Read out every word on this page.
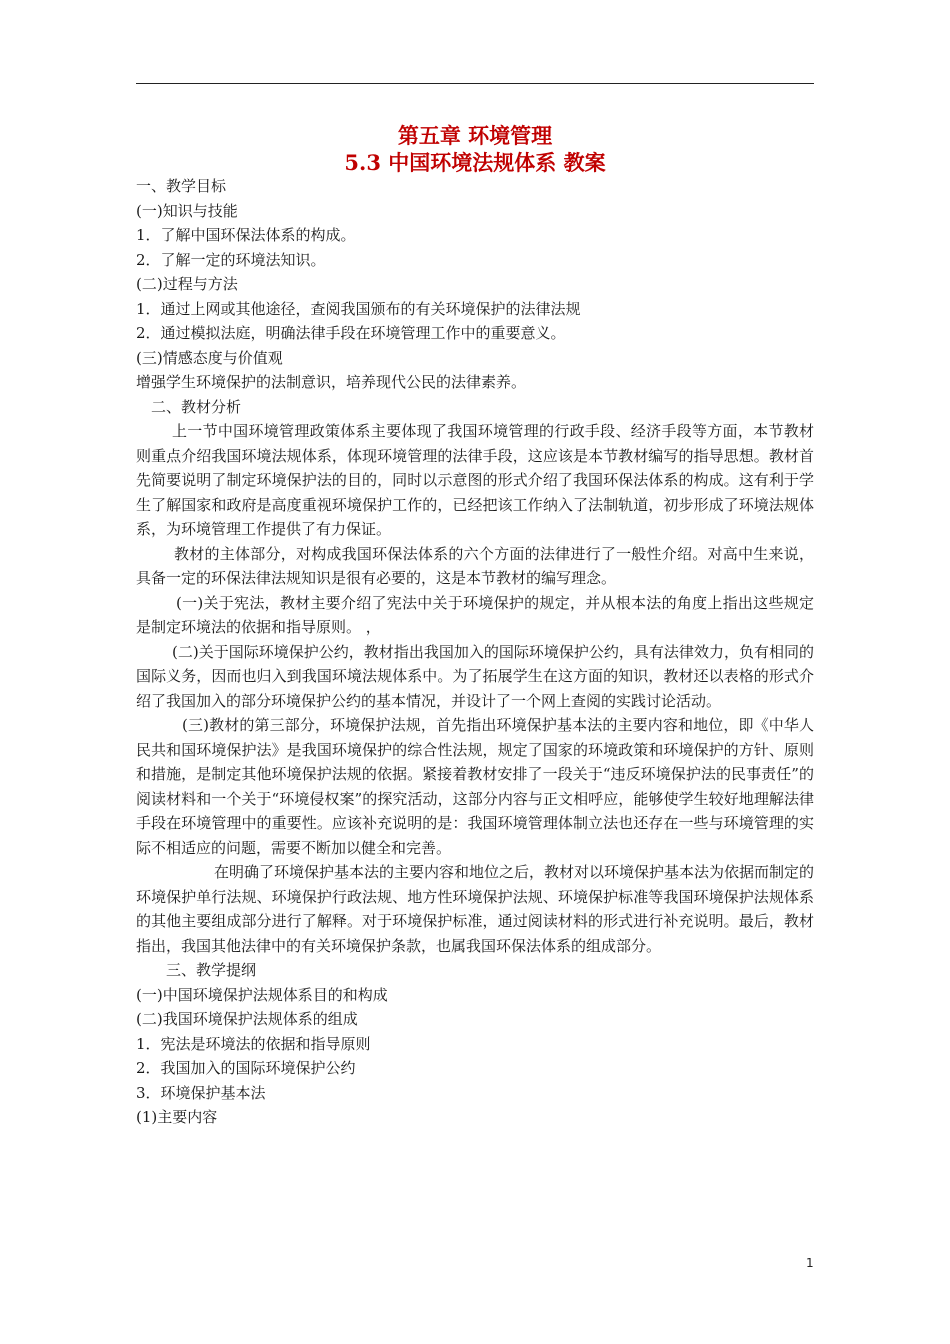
第五章 环境管理
5.3 中国环境法规体系 教案
一、教学目标
(一)知识与技能
1．了解中国环保法体系的构成。
2．了解一定的环境法知识。
(二)过程与方法
1．通过上网或其他途径，查阅我国颁布的有关环境保护的法律法规
2．通过模拟法庭，明确法律手段在环境管理工作中的重要意义。
(三)情感态度与价值观
增强学生环境保护的法制意识，培养现代公民的法律素养。
二、教材分析

上一节中国环境管理政策体系主要体现了我国环境管理的行政手段、经济手段等方面，本节教材则重点介绍我国环境法规体系，体现环境管理的法律手段，这应该是本节教材编写的指导思想。教材首先简要说明了制定环境保护法的目的，同时以示意图的形式介绍了我国环保法体系的构成。这有利于学生了解国家和政府是高度重视环境保护工作的，已经把该工作纳入了法制轨道，初步形成了环境法规体系，为环境管理工作提供了有力保证。

教材的主体部分，对构成我国环保法体系的六个方面的法律进行了一般性介绍。对高中生来说，具备一定的环保法律法规知识是很有必要的，这是本节教材的编写理念。

(一)关于宪法，教材主要介绍了宪法中关于环境保护的规定，并从根本法的角度上指出这些规定是制定环境法的依据和指导原则。 ，

(二)关于国际环境保护公约，教材指出我国加入的国际环境保护公约，具有法律效力，负有相同的国际义务，因而也归入到我国环境法规体系中。为了拓展学生在这方面的知识，教材还以表格的形式介绍了我国加入的部分环境保护公约的基本情况，并设计了一个网上查阅的实践讨论活动。

(三)教材的第三部分，环境保护法规，首先指出环境保护基本法的主要内容和地位，即《中华人民共和国环境保护法》是我国环境保护的综合性法规，规定了国家的环境政策和环境保护的方针、原则和措施，是制定其他环境保护法规的依据。紧接着教材安排了一段关于“违反环境保护法的民事责任”的阅读材料和一个关于“环境侵权案”的探究活动，这部分内容与正文相呼应，能够使学生较好地理解法律手段在环境管理中的重要性。应该补充说明的是：我国环境管理体制立法也还存在一些与环境管理的实际不相适应的问题，需要不断加以健全和完善。

在明确了环境保护基本法的主要内容和地位之后，教材对以环境保护基本法为依据而制定的环境保护单行法规、环境保护行政法规、地方性环境保护法规、环境保护标准等我国环境保护法规体系的其他主要组成部分进行了解释。对于环境保护标准，通过阅读材料的形式进行补充说明。最后，教材指出，我国其他法律中的有关环境保护条款，也属我国环保法体系的组成部分。

三、教学提纲
(一)中国环境保护法规体系目的和构成
(二)我国环境保护法规体系的组成
1．宪法是环境法的依据和指导原则
2．我国加入的国际环境保护公约
3．环境保护基本法
(1)主要内容
1
